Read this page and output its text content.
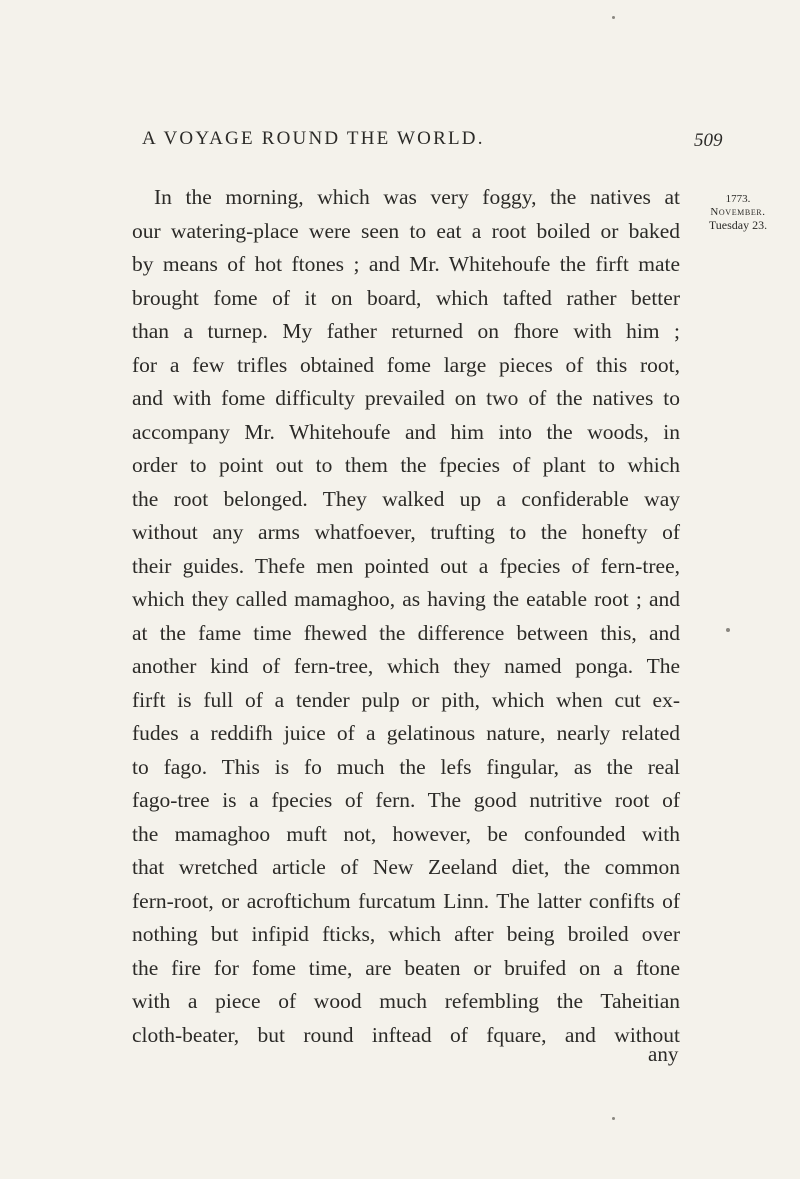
A VOYAGE ROUND THE WORLD.	509
1773.
November.
Tuesday 23.
In the morning, which was very foggy, the natives at
our watering-place were seen to eat a root boiled or baked
by means of hot ftones ; and Mr. Whitehoufe the firft mate
brought fome of it on board, which tafted rather better
than a turnep. My father returned on fhore with him ;
for a few trifles obtained fome large pieces of this root,
and with fome difficulty prevailed on two of the natives to
accompany Mr. Whitehoufe and him into the woods, in
order to point out to them the fpecies of plant to which
the root belonged. They walked up a confiderable way
without any arms whatfoever, trufting to the honefty of
their guides. Thefe men pointed out a fpecies of fern-tree,
which they called mamaghoo, as having the eatable root ; and
at the fame time fhewed the difference between this, and
another kind of fern-tree, which they named ponga. The
firft is full of a tender pulp or pith, which when cut ex-
fudes a reddifh juice of a gelatinous nature, nearly related
to fago. This is fo much the lefs fingular, as the real
fago-tree is a fpecies of fern. The good nutritive root of
the mamaghoo muft not, however, be confounded with
that wretched article of New Zeeland diet, the common
fern-root, or acroftichum furcatum Linn. The latter confifts of
nothing but infipid fticks, which after being broiled over
the fire for fome time, are beaten or bruifed on a ftone
with a piece of wood much refembling the Taheitian
cloth-beater, but round inftead of fquare, and without
any
